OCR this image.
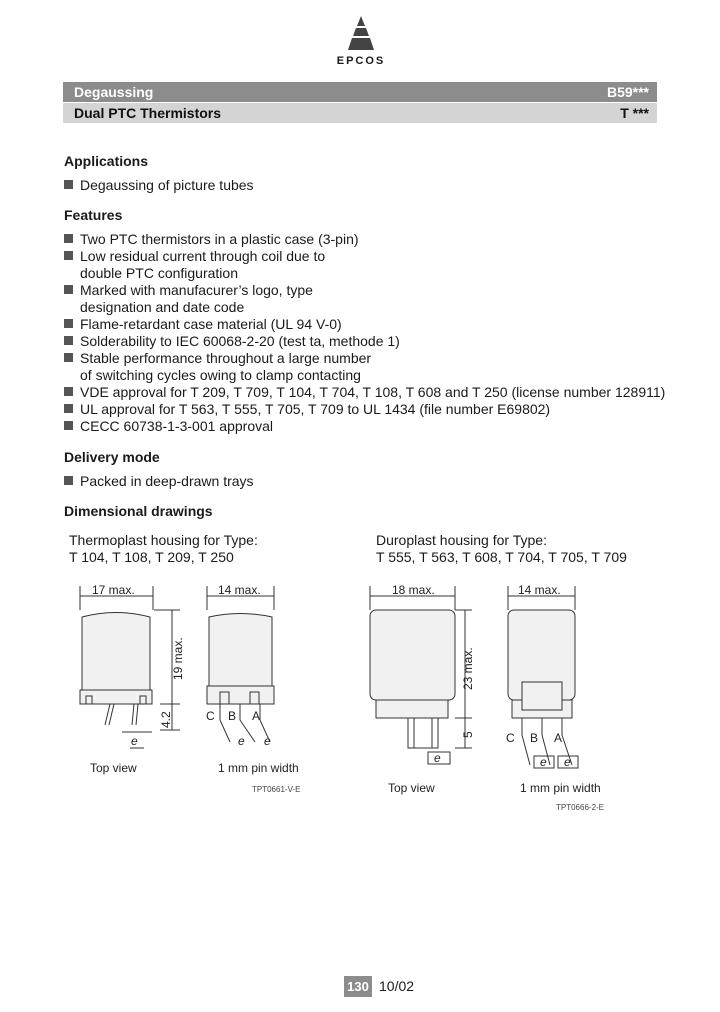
EPCOS
Degaussing	B59***
Dual PTC Thermistors	T ***
Applications
Degaussing of picture tubes
Features
Two PTC thermistors in a plastic case (3-pin)
Low residual current through coil due to
double PTC configuration
Marked with manufacurer’s logo, type
designation and date code
Flame-retardant case material (UL 94 V-0)
Solderability to IEC 60068-2-20 (test ta, methode 1)
Stable performance throughout a large number
of switching cycles owing to clamp contacting
VDE approval for T 209, T 709, T 104, T 704, T 108, T 608 and T 250 (license number 128911)
UL approval for T 563, T 555, T 705, T 709 to UL 1434 (file number E69802)
CECC 60738-1-3-001 approval
Delivery mode
Packed in deep-drawn trays
Dimensional drawings
Thermoplast housing for Type:
T 104, T 108, T 209, T 250
Duroplast housing for Type:
T 555, T 563, T 608, T 704, T 705, T 709
17 max.
19 max.
4.2
e
Top view
14 max.
C B A
e e
1 mm pin width
TPT0661-V-E
18 max.
23 max.
5
e
Top view
14 max.
C B A
e e
1 mm pin width
TPT0666-2-E
130 10/02
